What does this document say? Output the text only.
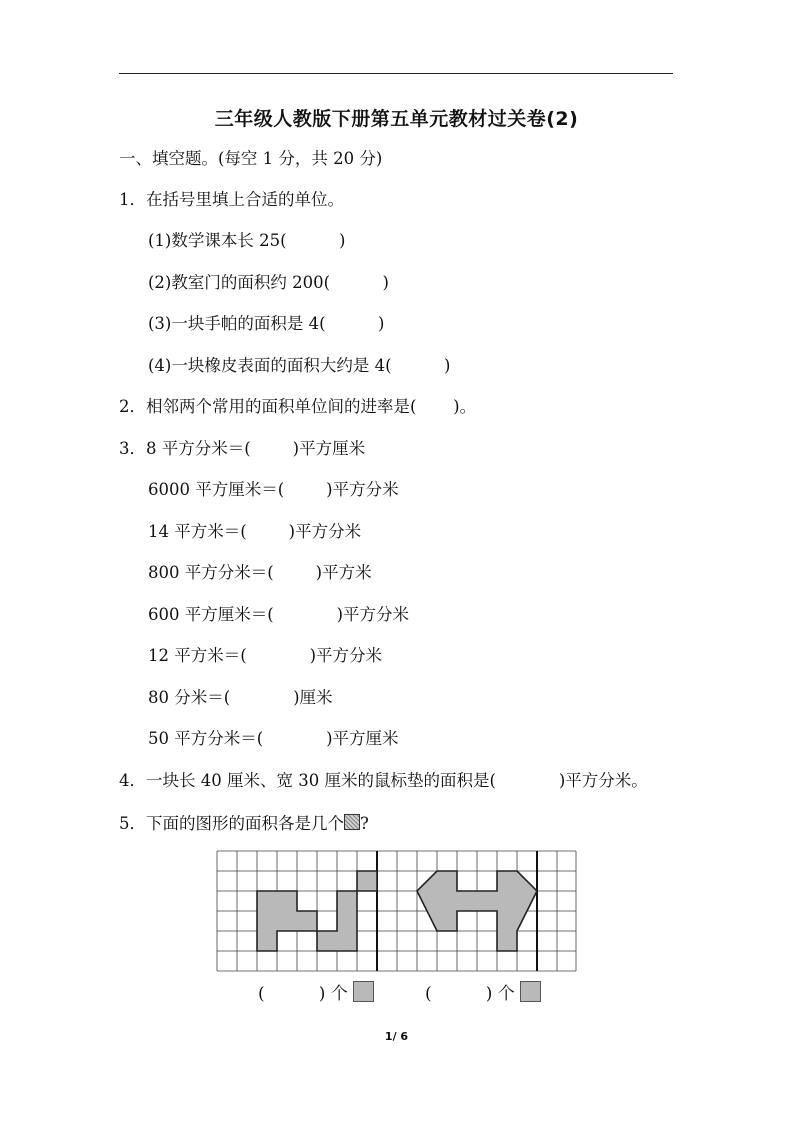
三年级人教版下册第五单元教材过关卷(2)
一、填空题。(每空 1 分，共 20 分)
1．在括号里填上合适的单位。
(1)数学课本长 25(          )
(2)教室门的面积约 200(          )
(3)一块手帕的面积是 4(          )
(4)一块橡皮表面的面积大约是 4(          )
2．相邻两个常用的面积单位间的进率是(       )。
3．8 平方分米＝(        )平方厘米
6000 平方厘米＝(        )平方分米
14 平方米＝(        )平方分米
800 平方分米＝(        )平方米
600 平方厘米＝(            )平方分米
12 平方米＝(            )平方分米
80 分米＝(            )厘米
50 平方分米＝(            )平方厘米
4．一块长 40 厘米、宽 30 厘米的鼠标垫的面积是(            )平方分米。
5．下面的图形的面积各是几个 ?
(	) 个	(	) 个
1/ 6
